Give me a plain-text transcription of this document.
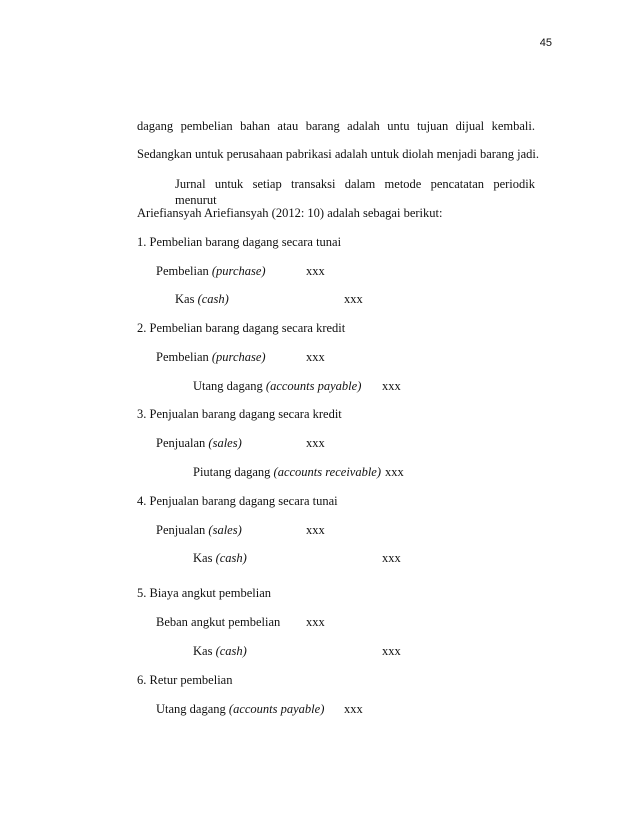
45
dagang pembelian bahan atau barang adalah untu tujuan dijual kembali.
Sedangkan untuk perusahaan pabrikasi adalah untuk diolah menjadi barang jadi.
Jurnal untuk setiap transaksi dalam metode pencatatan periodik menurut
Ariefiansyah Ariefiansyah (2012: 10) adalah sebagai berikut:
1. Pembelian barang dagang secara tunai
Pembelian (purchase)	xxx
Kas (cash)	xxx
2. Pembelian barang dagang secara kredit
Pembelian (purchase)	xxx
Utang dagang (accounts payable) xxx
3. Penjualan barang dagang secara kredit
Penjualan (sales)	xxx
Piutang dagang (accounts receivable) xxx
4. Penjualan barang dagang secara tunai
Penjualan (sales)	xxx
Kas (cash)	xxx
5. Biaya angkut pembelian
Beban angkut pembelian xxx
Kas (cash)	xxx
6. Retur pembelian
Utang dagang (accounts payable) xxx
